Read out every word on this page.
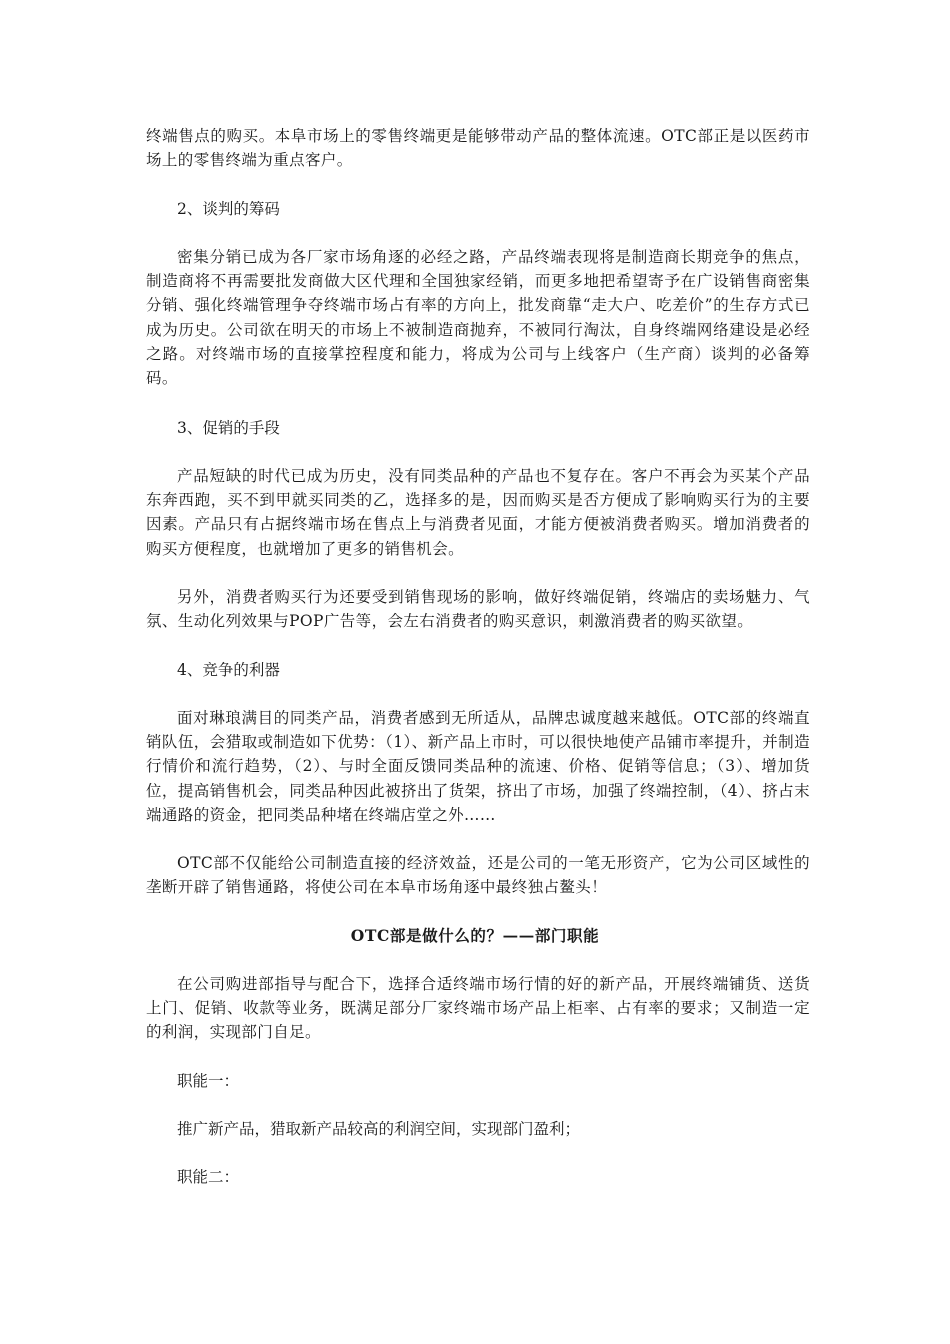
终端售点的购买。本阜市场上的零售终端更是能够带动产品的整体流速。OTC部正是以医药市场上的零售终端为重点客户。

2、谈判的筹码

密集分销已成为各厂家市场角逐的必经之路，产品终端表现将是制造商长期竞争的焦点，制造商将不再需要批发商做大区代理和全国独家经销，而更多地把希望寄予在广设销售商密集分销、强化终端管理争夺终端市场占有率的方向上，批发商靠“走大户、吃差价”的生存方式已成为历史。公司欲在明天的市场上不被制造商抛弃，不被同行淘汰，自身终端网络建设是必经之路。对终端市场的直接掌控程度和能力，将成为公司与上线客户（生产商）谈判的必备筹码。

3、促销的手段

产品短缺的时代已成为历史，没有同类品种的产品也不复存在。客户不再会为买某个产品东奔西跑，买不到甲就买同类的乙，选择多的是，因而购买是否方便成了影响购买行为的主要因素。产品只有占据终端市场在售点上与消费者见面，才能方便被消费者购买。增加消费者的购买方便程度，也就增加了更多的销售机会。

另外，消费者购买行为还要受到销售现场的影响，做好终端促销，终端店的卖场魅力、气氛、生动化列效果与POP广告等，会左右消费者的购买意识，刺激消费者的购买欲望。

4、竞争的利器

面对琳琅满目的同类产品，消费者感到无所适从，品牌忠诚度越来越低。OTC部的终端直销队伍，会猎取或制造如下优势：（1）、新产品上市时，可以很快地使产品铺市率提升，并制造行情价和流行趋势，（2）、与时全面反馈同类品种的流速、价格、促销等信息；（3）、增加货位，提高销售机会，同类品种因此被挤出了货架，挤出了市场，加强了终端控制，（4）、挤占末端通路的资金，把同类品种堵在终端店堂之外……

OTC部不仅能给公司制造直接的经济效益，还是公司的一笔无形资产，它为公司区域性的垄断开辟了销售通路，将使公司在本阜市场角逐中最终独占鳌头！

OTC部是做什么的？——部门职能

在公司购进部指导与配合下，选择合适终端市场行情的好的新产品，开展终端铺货、送货上门、促销、收款等业务，既满足部分厂家终端市场产品上柜率、占有率的要求；又制造一定的利润，实现部门自足。

职能一：

推广新产品，猎取新产品较高的利润空间，实现部门盈利；

职能二：
